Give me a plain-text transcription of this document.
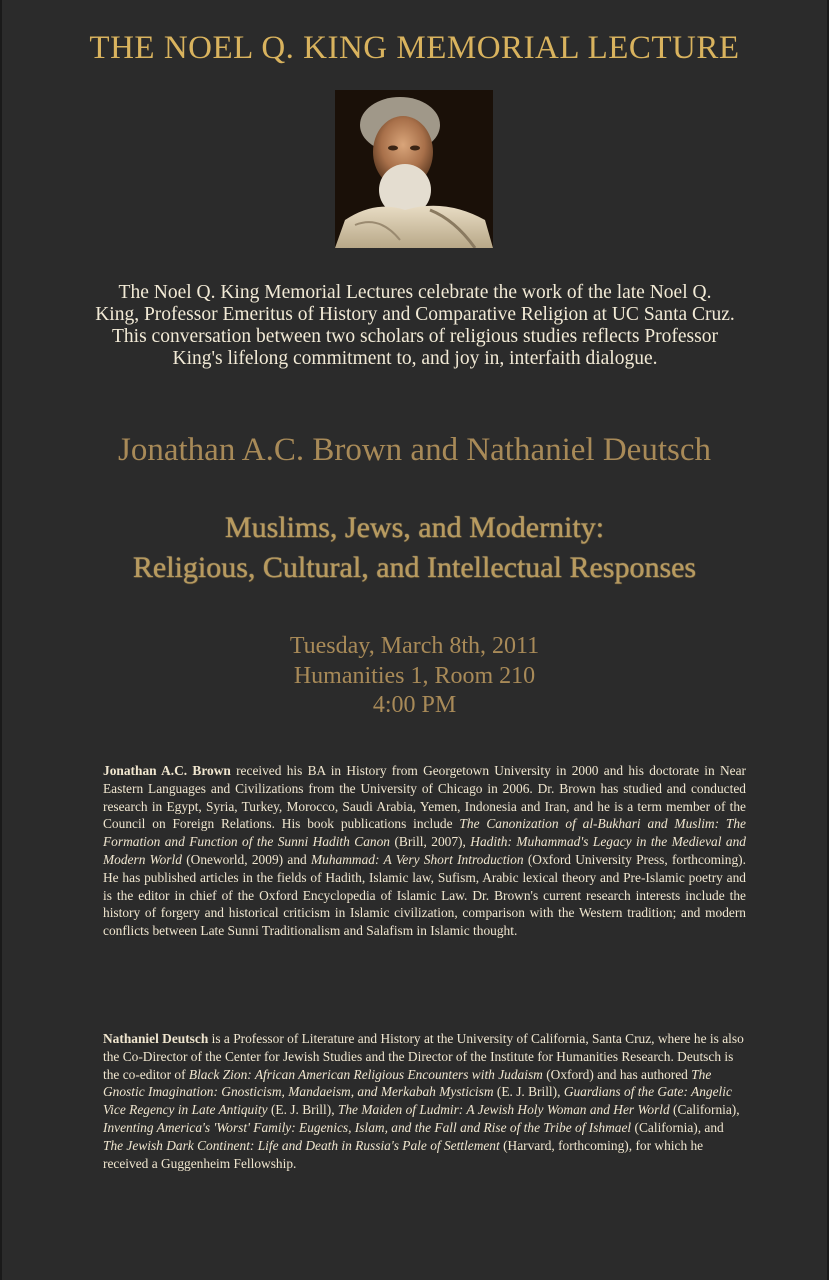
THE NOEL Q. KING MEMORIAL LECTURE
The Noel Q. King Memorial Lectures celebrate the work of the late Noel Q. King, Professor Emeritus of History and Comparative Religion at UC Santa Cruz. This conversation between two scholars of religious studies reflects Professor King's lifelong commitment to, and joy in, interfaith dialogue.
Jonathan A.C. Brown and Nathaniel Deutsch
Muslims, Jews, and Modernity:
Religious, Cultural, and Intellectual Responses
Tuesday, March 8th, 2011
Humanities 1, Room 210
4:00 PM
Jonathan A.C. Brown received his BA in History from Georgetown University in 2000 and his doctorate in Near Eastern Languages and Civilizations from the University of Chicago in 2006. Dr. Brown has studied and conducted research in Egypt, Syria, Turkey, Morocco, Saudi Arabia, Yemen, Indonesia and Iran, and he is a term member of the Council on Foreign Relations. His book publications include The Canonization of al-Bukhari and Muslim: The Formation and Function of the Sunni Hadith Canon (Brill, 2007), Hadith: Muhammad's Legacy in the Medieval and Modern World (Oneworld, 2009) and Muhammad: A Very Short Introduction (Oxford University Press, forthcoming). He has published articles in the fields of Hadith, Islamic law, Sufism, Arabic lexical theory and Pre-Islamic poetry and is the editor in chief of the Oxford Encyclopedia of Islamic Law. Dr. Brown's current research interests include the history of forgery and historical criticism in Islamic civilization, comparison with the Western tradition; and modern conflicts between Late Sunni Traditionalism and Salafism in Islamic thought.
Nathaniel Deutsch is a Professor of Literature and History at the University of California, Santa Cruz, where he is also the Co-Director of the Center for Jewish Studies and the Director of the Institute for Humanities Research. Deutsch is the co-editor of Black Zion: African American Religious Encounters with Judaism (Oxford) and has authored The Gnostic Imagination: Gnosticism, Mandaeism, and Merkabah Mysticism (E. J. Brill), Guardians of the Gate: Angelic Vice Regency in Late Antiquity (E. J. Brill), The Maiden of Ludmir: A Jewish Holy Woman and Her World (California), Inventing America's 'Worst' Family: Eugenics, Islam, and the Fall and Rise of the Tribe of Ishmael (California), and The Jewish Dark Continent: Life and Death in Russia's Pale of Settlement (Harvard, forthcoming), for which he received a Guggenheim Fellowship.
